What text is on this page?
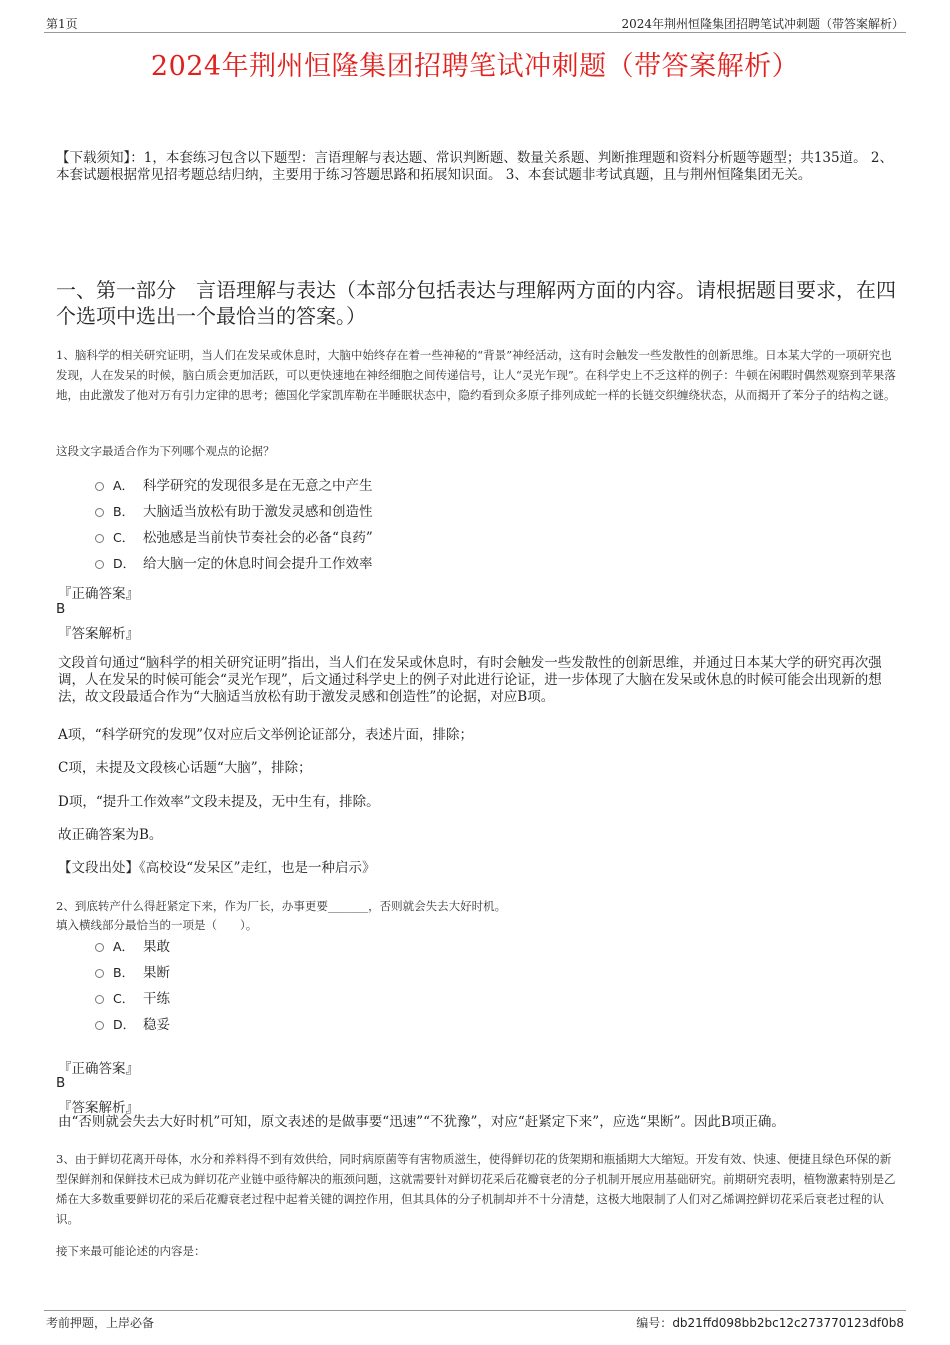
第1页	2024年荆州恒隆集团招聘笔试冲刺题（带答案解析）
2024年荆州恒隆集团招聘笔试冲刺题（带答案解析）
【下载须知】：1，本套练习包含以下题型：言语理解与表达题、常识判断题、数量关系题、判断推理题和资料分析题等题型；共135道。 2、本套试题根据常见招考题总结归纳，主要用于练习答题思路和拓展知识面。 3、本套试题非考试真题，且与荆州恒隆集团无关。
一、第一部分　言语理解与表达（本部分包括表达与理解两方面的内容。请根据题目要求，在四个选项中选出一个最恰当的答案。）
1、脑科学的相关研究证明，当人们在发呆或休息时，大脑中始终存在着一些神秘的“背景”神经活动，这有时会触发一些发散性的创新思维。日本某大学的一项研究也发现，人在发呆的时候，脑白质会更加活跃，可以更快速地在神经细胞之间传递信号，让人“灵光乍现”。在科学史上不乏这样的例子：牛顿在闲暇时偶然观察到苹果落地，由此激发了他对万有引力定律的思考；德国化学家凯库勒在半睡眠状态中，隐约看到众多原子排列成蛇一样的长链交织缠绕状态，从而揭开了苯分子的结构之谜。
这段文字最适合作为下列哪个观点的论据？
A． 科学研究的发现很多是在无意之中产生
B． 大脑适当放松有助于激发灵感和创造性
C． 松弛感是当前快节奏社会的必备“良药”
D． 给大脑一定的休息时间会提升工作效率
『正确答案』
B
『答案解析』
文段首句通过“脑科学的相关研究证明”指出，当人们在发呆或休息时，有时会触发一些发散性的创新思维，并通过日本某大学的研究再次强调，人在发呆的时候可能会“灵光乍现”，后文通过科学史上的例子对此进行论证，进一步体现了大脑在发呆或休息的时候可能会出现新的想法，故文段最适合作为“大脑适当放松有助于激发灵感和创造性”的论据，对应B项。
A项，“科学研究的发现”仅对应后文举例论证部分，表述片面，排除；
C项，未提及文段核心话题“大脑”，排除；
D项，“提升工作效率”文段未提及，无中生有，排除。
故正确答案为B。
【文段出处】《高校设“发呆区”走红，也是一种启示》
2、到底转产什么得赶紧定下来，作为厂长，办事更要_______，否则就会失去大好时机。
填入横线部分最恰当的一项是（　　）。
A． 果敢
B． 果断
C． 干练
D． 稳妥
『正确答案』
B
『答案解析』
由“否则就会失去大好时机”可知，原文表述的是做事要“迅速”“不犹豫”，对应“赶紧定下来”，应选“果断”。因此B项正确。
3、由于鲜切花离开母体，水分和养料得不到有效供给，同时病原菌等有害物质滋生，使得鲜切花的货架期和瓶插期大大缩短。开发有效、快速、便捷且绿色环保的新型保鲜剂和保鲜技术已成为鲜切花产业链中亟待解决的瓶颈问题，这就需要针对鲜切花采后花瓣衰老的分子机制开展应用基础研究。前期研究表明，植物激素特别是乙烯在大多数重要鲜切花的采后花瓣衰老过程中起着关键的调控作用，但其具体的分子机制却并不十分清楚，这极大地限制了人们对乙烯调控鲜切花采后衰老过程的认识。
接下来最可能论述的内容是：
考前押题，上岸必备	编号：db21ffd098bb2bc12c273770123df0b8
